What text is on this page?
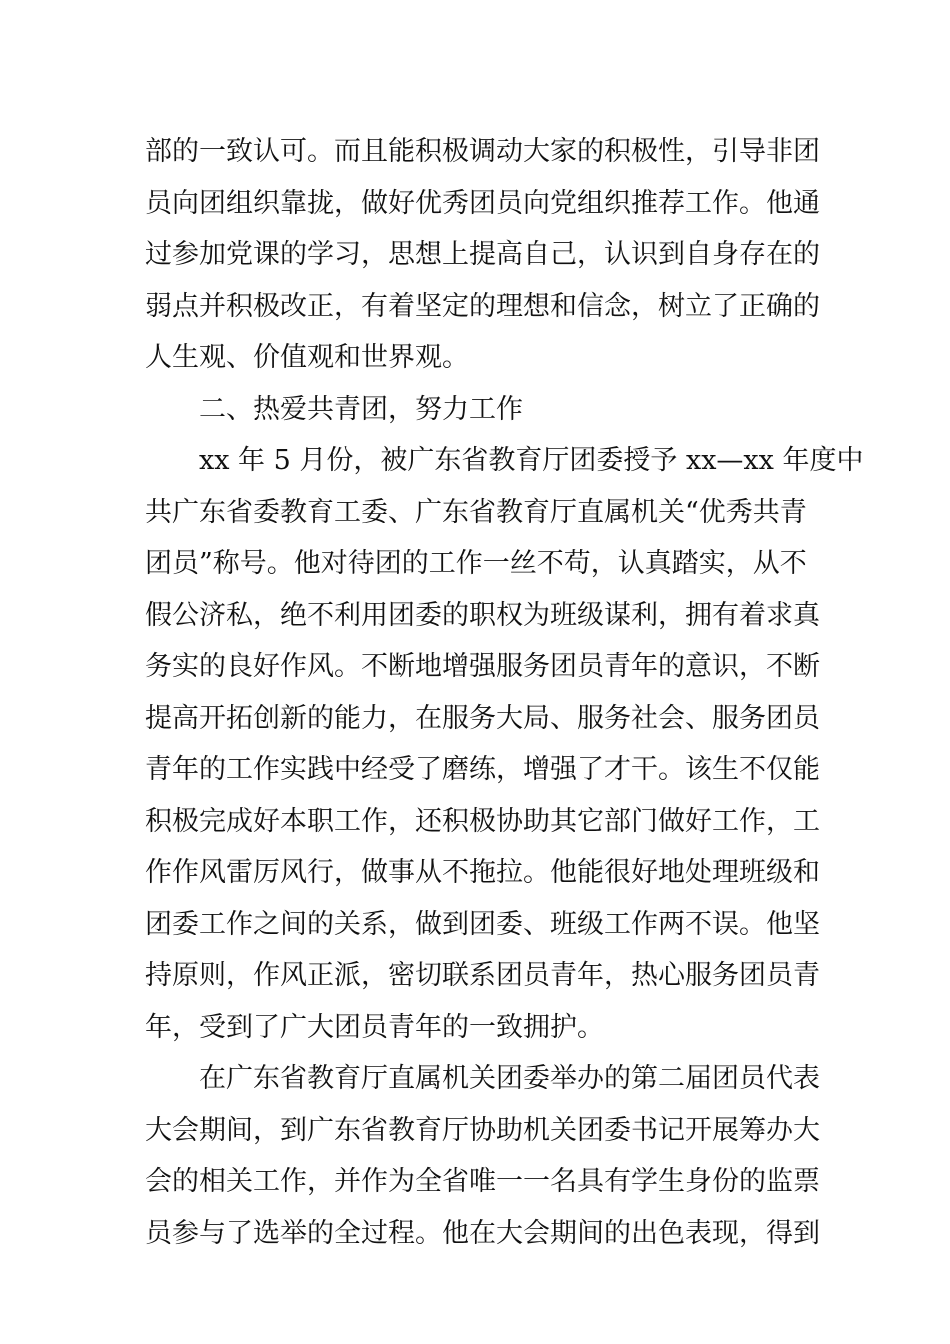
部的一致认可。而且能积极调动大家的积极性，引导非团
员向团组织靠拢，做好优秀团员向党组织推荐工作。他通
过参加党课的学习，思想上提高自己，认识到自身存在的
弱点并积极改正，有着坚定的理想和信念，树立了正确的
人生观、价值观和世界观。
二、热爱共青团，努力工作
xx 年 5 月份，被广东省教育厅团委授予 xx—xx 年度中
共广东省委教育工委、广东省教育厅直属机关“优秀共青
团员”称号。他对待团的工作一丝不苟，认真踏实，从不
假公济私，绝不利用团委的职权为班级谋利，拥有着求真
务实的良好作风。不断地增强服务团员青年的意识，不断
提高开拓创新的能力，在服务大局、服务社会、服务团员
青年的工作实践中经受了磨练，增强了才干。该生不仅能
积极完成好本职工作，还积极协助其它部门做好工作，工
作作风雷厉风行，做事从不拖拉。他能很好地处理班级和
团委工作之间的关系，做到团委、班级工作两不误。他坚
持原则，作风正派，密切联系团员青年，热心服务团员青
年，受到了广大团员青年的一致拥护。
在广东省教育厅直属机关团委举办的第二届团员代表
大会期间，到广东省教育厅协助机关团委书记开展筹办大
会的相关工作，并作为全省唯一一名具有学生身份的监票
员参与了选举的全过程。他在大会期间的出色表现，得到
